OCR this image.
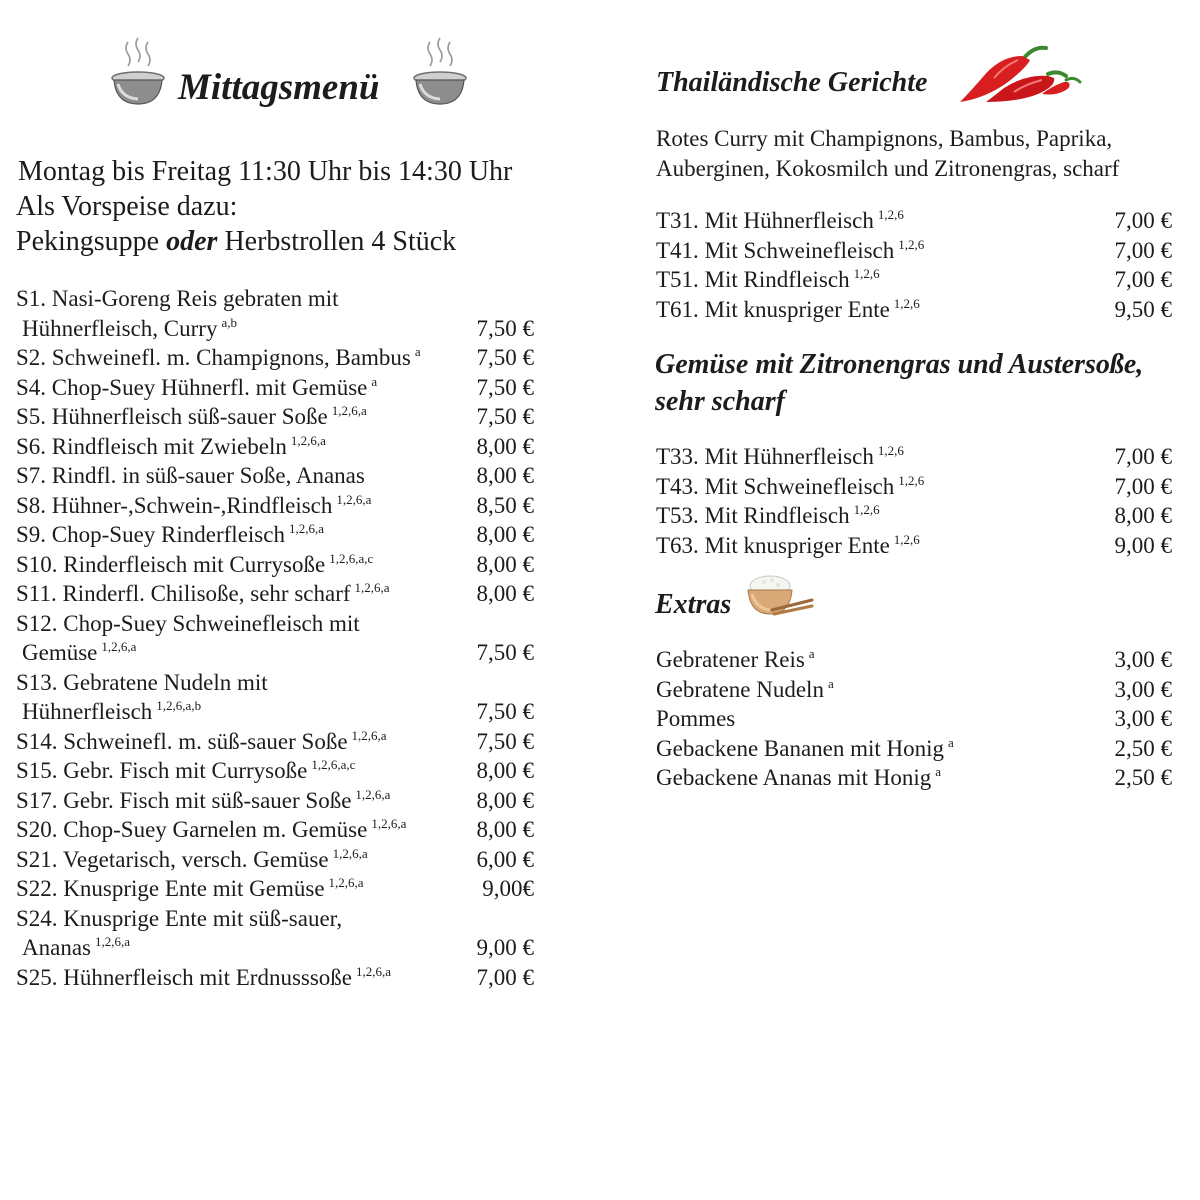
Mittagsmenü
Montag bis Freitag 11:30 Uhr bis 14:30 Uhr
Als Vorspeise dazu:
Pekingsuppe oder Herbstrollen 4 Stück
S1. Nasi-Goreng Reis gebraten mit
Hühnerfleisch, Curry $^{a,b}$	7,50 €
S2. Schweinefl. m. Champignons, Bambus $^a$ 7,50 €
S4. Chop-Suey Hühnerfl. mit Gemüse $^a$	7,50 €
S5. Hühnerfleisch süß-sauer Soße $^{1,2,6,a}$	7,50 €
S6. Rindfleisch mit Zwiebeln $^{1,2,6,a}$	8,00 €
S7. Rindfl. in süß-sauer Soße, Ananas	8,00 €
S8. Hühner-,Schwein-,Rindfleisch $^{1,2,6,a}$	8,50 €
S9. Chop-Suey Rinderfleisch $^{1,2,6,a}$	8,00 €
S10. Rinderfleisch mit Currysoße $^{1,2,6,a,c}$	8,00 €
S11. Rinderfl. Chilisoße, sehr scharf $^{1,2,6,a}$	8,00 €
S12. Chop-Suey Schweinefleisch mit
Gemüse $^{1,2,6,a}$	7,50 €
S13. Gebratene Nudeln mit
Hühnerfleisch $^{1,2,6,a,b}$	7,50 €
S14. Schweinefl. m. süß-sauer Soße $^{1,2,6,a}$	7,50 €
S15. Gebr. Fisch mit Currysoße $^{1,2,6,a,c}$	8,00 €
S17. Gebr. Fisch mit süß-sauer Soße $^{1,2,6,a}$	8,00 €
S20. Chop-Suey Garnelen m. Gemüse $^{1,2,6,a}$	8,00 €
S21. Vegetarisch, versch. Gemüse $^{1,2,6,a}$	6,00 €
S22. Knusprige Ente mit Gemüse $^{1,2,6,a}$	9,00€
S24. Knusprige Ente mit süß-sauer,
Ananas $^{1,2,6,a}$	9,00 €
S25. Hühnerfleisch mit Erdnusssoße $^{1,2,6,a}$	7,00 €
Thailändische Gerichte
Rotes Curry mit Champignons, Bambus, Paprika,
Auberginen, Kokosmilch und Zitronengras, scharf
T31. Mit Hühnerfleisch $^{1,2,6}$	7,00 €
T41. Mit Schweinefleisch $^{1,2,6}$	7,00 €
T51. Mit Rindfleisch $^{1,2,6}$	7,00 €
T61. Mit knuspriger Ente $^{1,2,6}$	9,50 €
Gemüse mit Zitronengras und Austersoße,
sehr scharf
T33. Mit Hühnerfleisch $^{1,2,6}$	7,00 €
T43. Mit Schweinefleisch $^{1,2,6}$	7,00 €
T53. Mit Rindfleisch $^{1,2,6}$	8,00 €
T63. Mit knuspriger Ente $^{1,2,6}$	9,00 €
Extras
Gebratener Reis $^a$	3,00 €
Gebratene Nudeln $^a$	3,00 €
Pommes	3,00 €
Gebackene Bananen mit Honig $^a$	2,50 €
Gebackene Ananas mit Honig $^a$	2,50 €
